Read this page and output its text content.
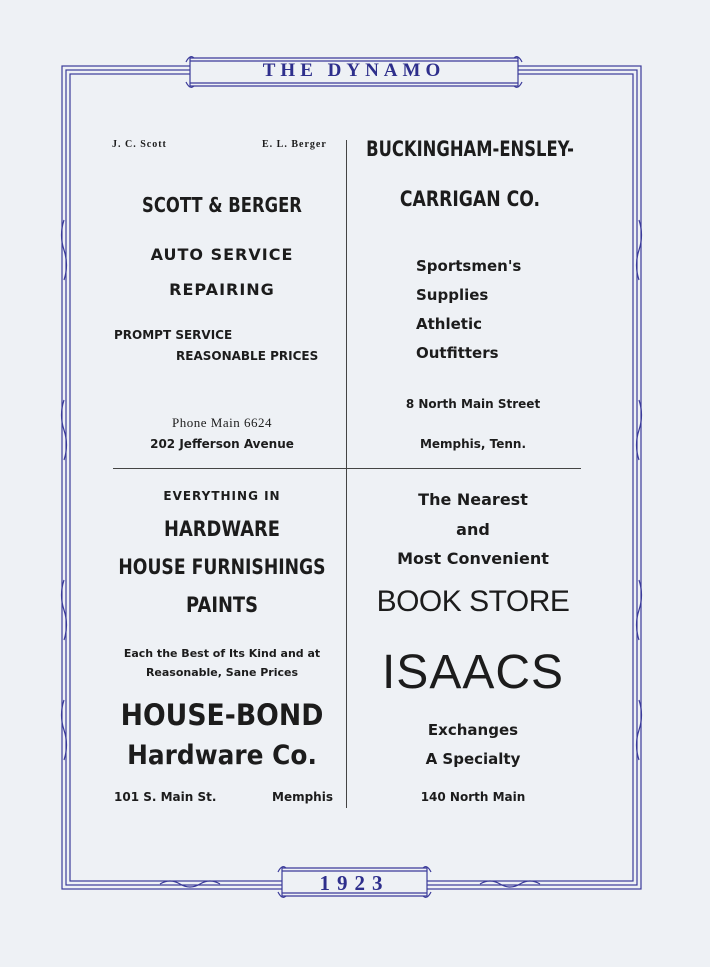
THE DYNAMO
1923
J. C. Scott	E. L. Berger
SCOTT & BERGER
AUTO SERVICE
REPAIRING
PROMPT SERVICE
REASONABLE PRICES
Phone Main 6624
202 Jefferson Avenue
BUCKINGHAM-ENSLEY-
CARRIGAN CO.
Sportsmen's
Supplies
Athletic
Outfitters
8 North Main Street
Memphis, Tenn.
EVERYTHING IN
HARDWARE
HOUSE FURNISHINGS
PAINTS
Each the Best of Its Kind and at
Reasonable, Sane Prices
HOUSE-BOND
Hardware Co.
101 S. Main St.	Memphis
The Nearest
and
Most Convenient
BOOK STORE
ISAACS
Exchanges
A Specialty
140 North Main
